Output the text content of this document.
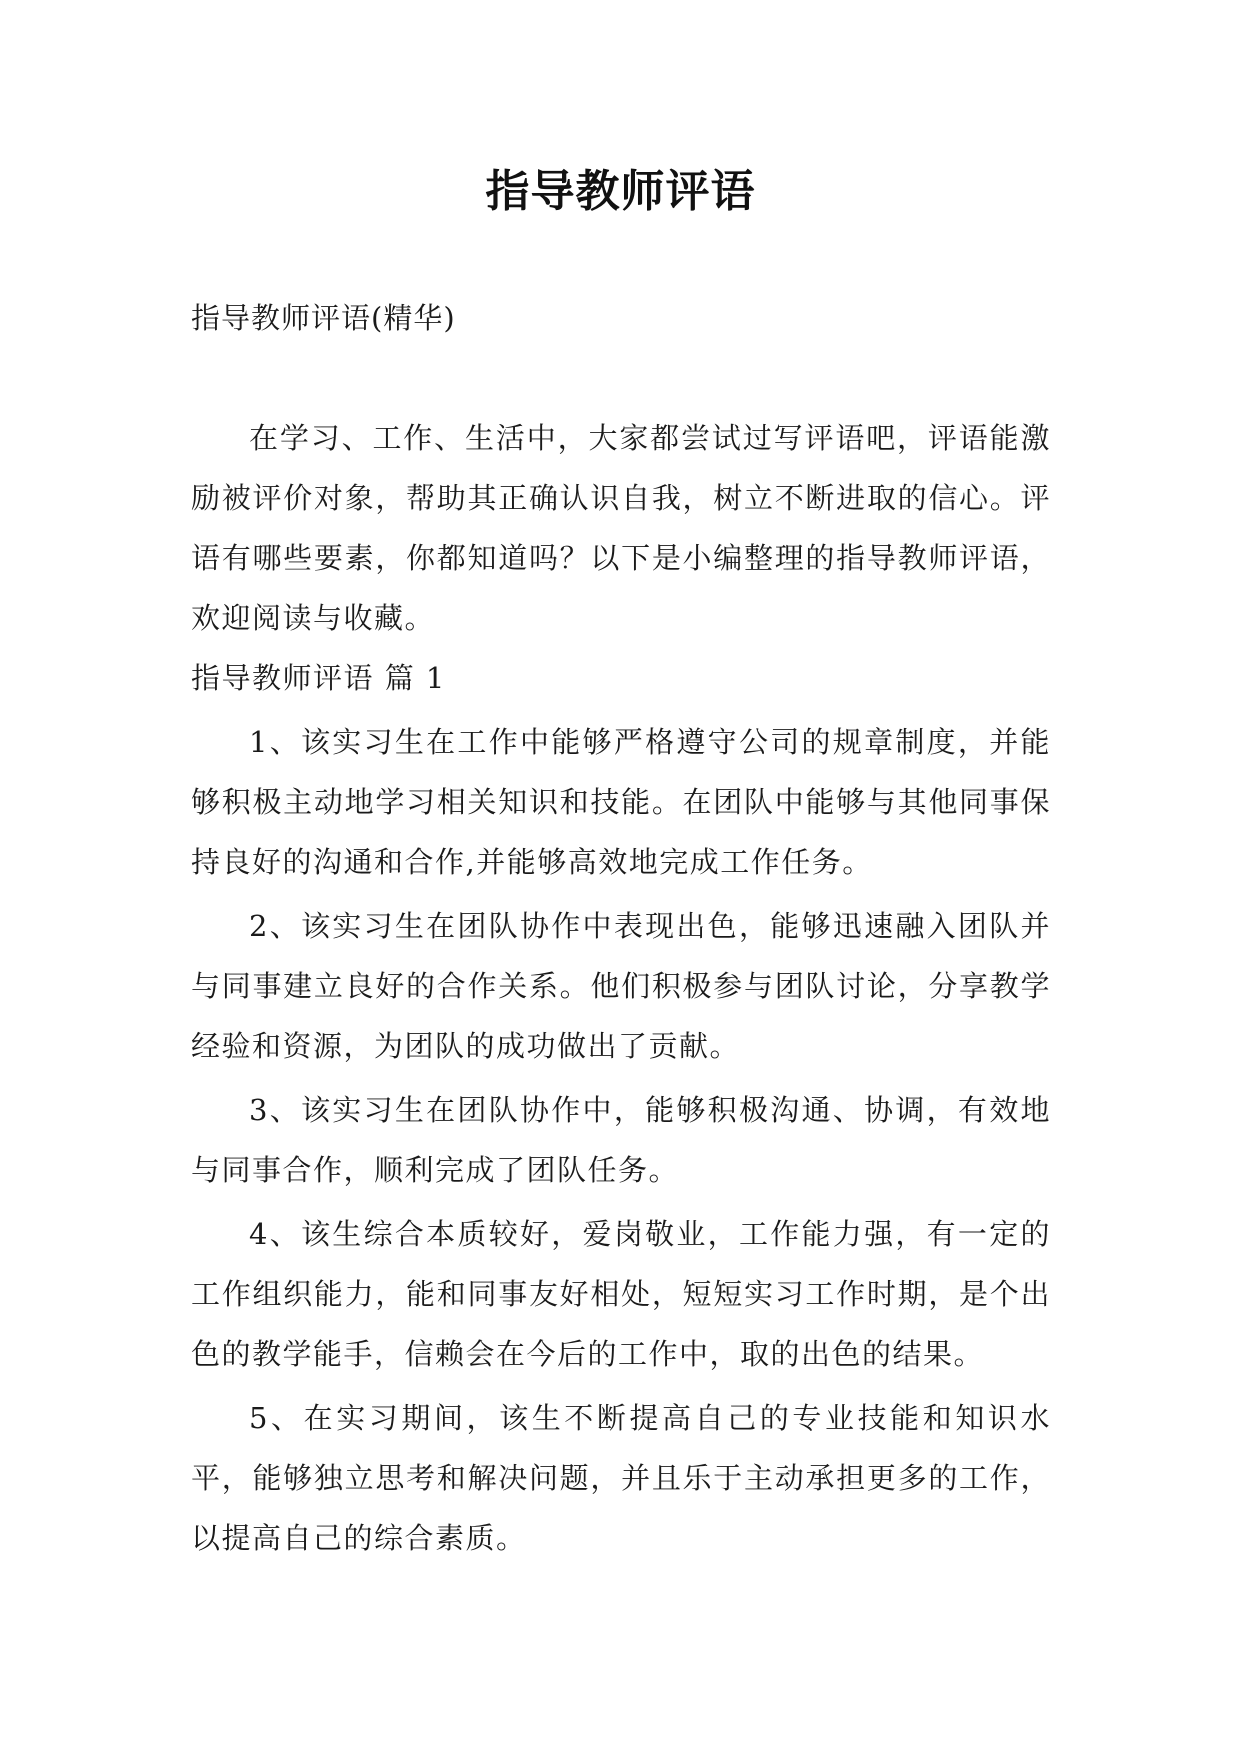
指导教师评语
指导教师评语(精华)

在学习、工作、生活中，大家都尝试过写评语吧，评语能激励被评价对象，帮助其正确认识自我，树立不断进取的信心。评语有哪些要素，你都知道吗？以下是小编整理的指导教师评语，欢迎阅读与收藏。

指导教师评语 篇 1

1、该实习生在工作中能够严格遵守公司的规章制度，并能够积极主动地学习相关知识和技能。在团队中能够与其他同事保持良好的沟通和合作,并能够高效地完成工作任务。

2、该实习生在团队协作中表现出色，能够迅速融入团队并与同事建立良好的合作关系。他们积极参与团队讨论，分享教学经验和资源，为团队的成功做出了贡献。

3、该实习生在团队协作中，能够积极沟通、协调，有效地与同事合作，顺利完成了团队任务。

4、该生综合本质较好，爱岗敬业，工作能力强，有一定的工作组织能力，能和同事友好相处，短短实习工作时期，是个出色的教学能手，信赖会在今后的工作中，取的出色的结果。

5、在实习期间，该生不断提高自己的专业技能和知识水平，能够独立思考和解决问题，并且乐于主动承担更多的工作，以提高自己的综合素质。
